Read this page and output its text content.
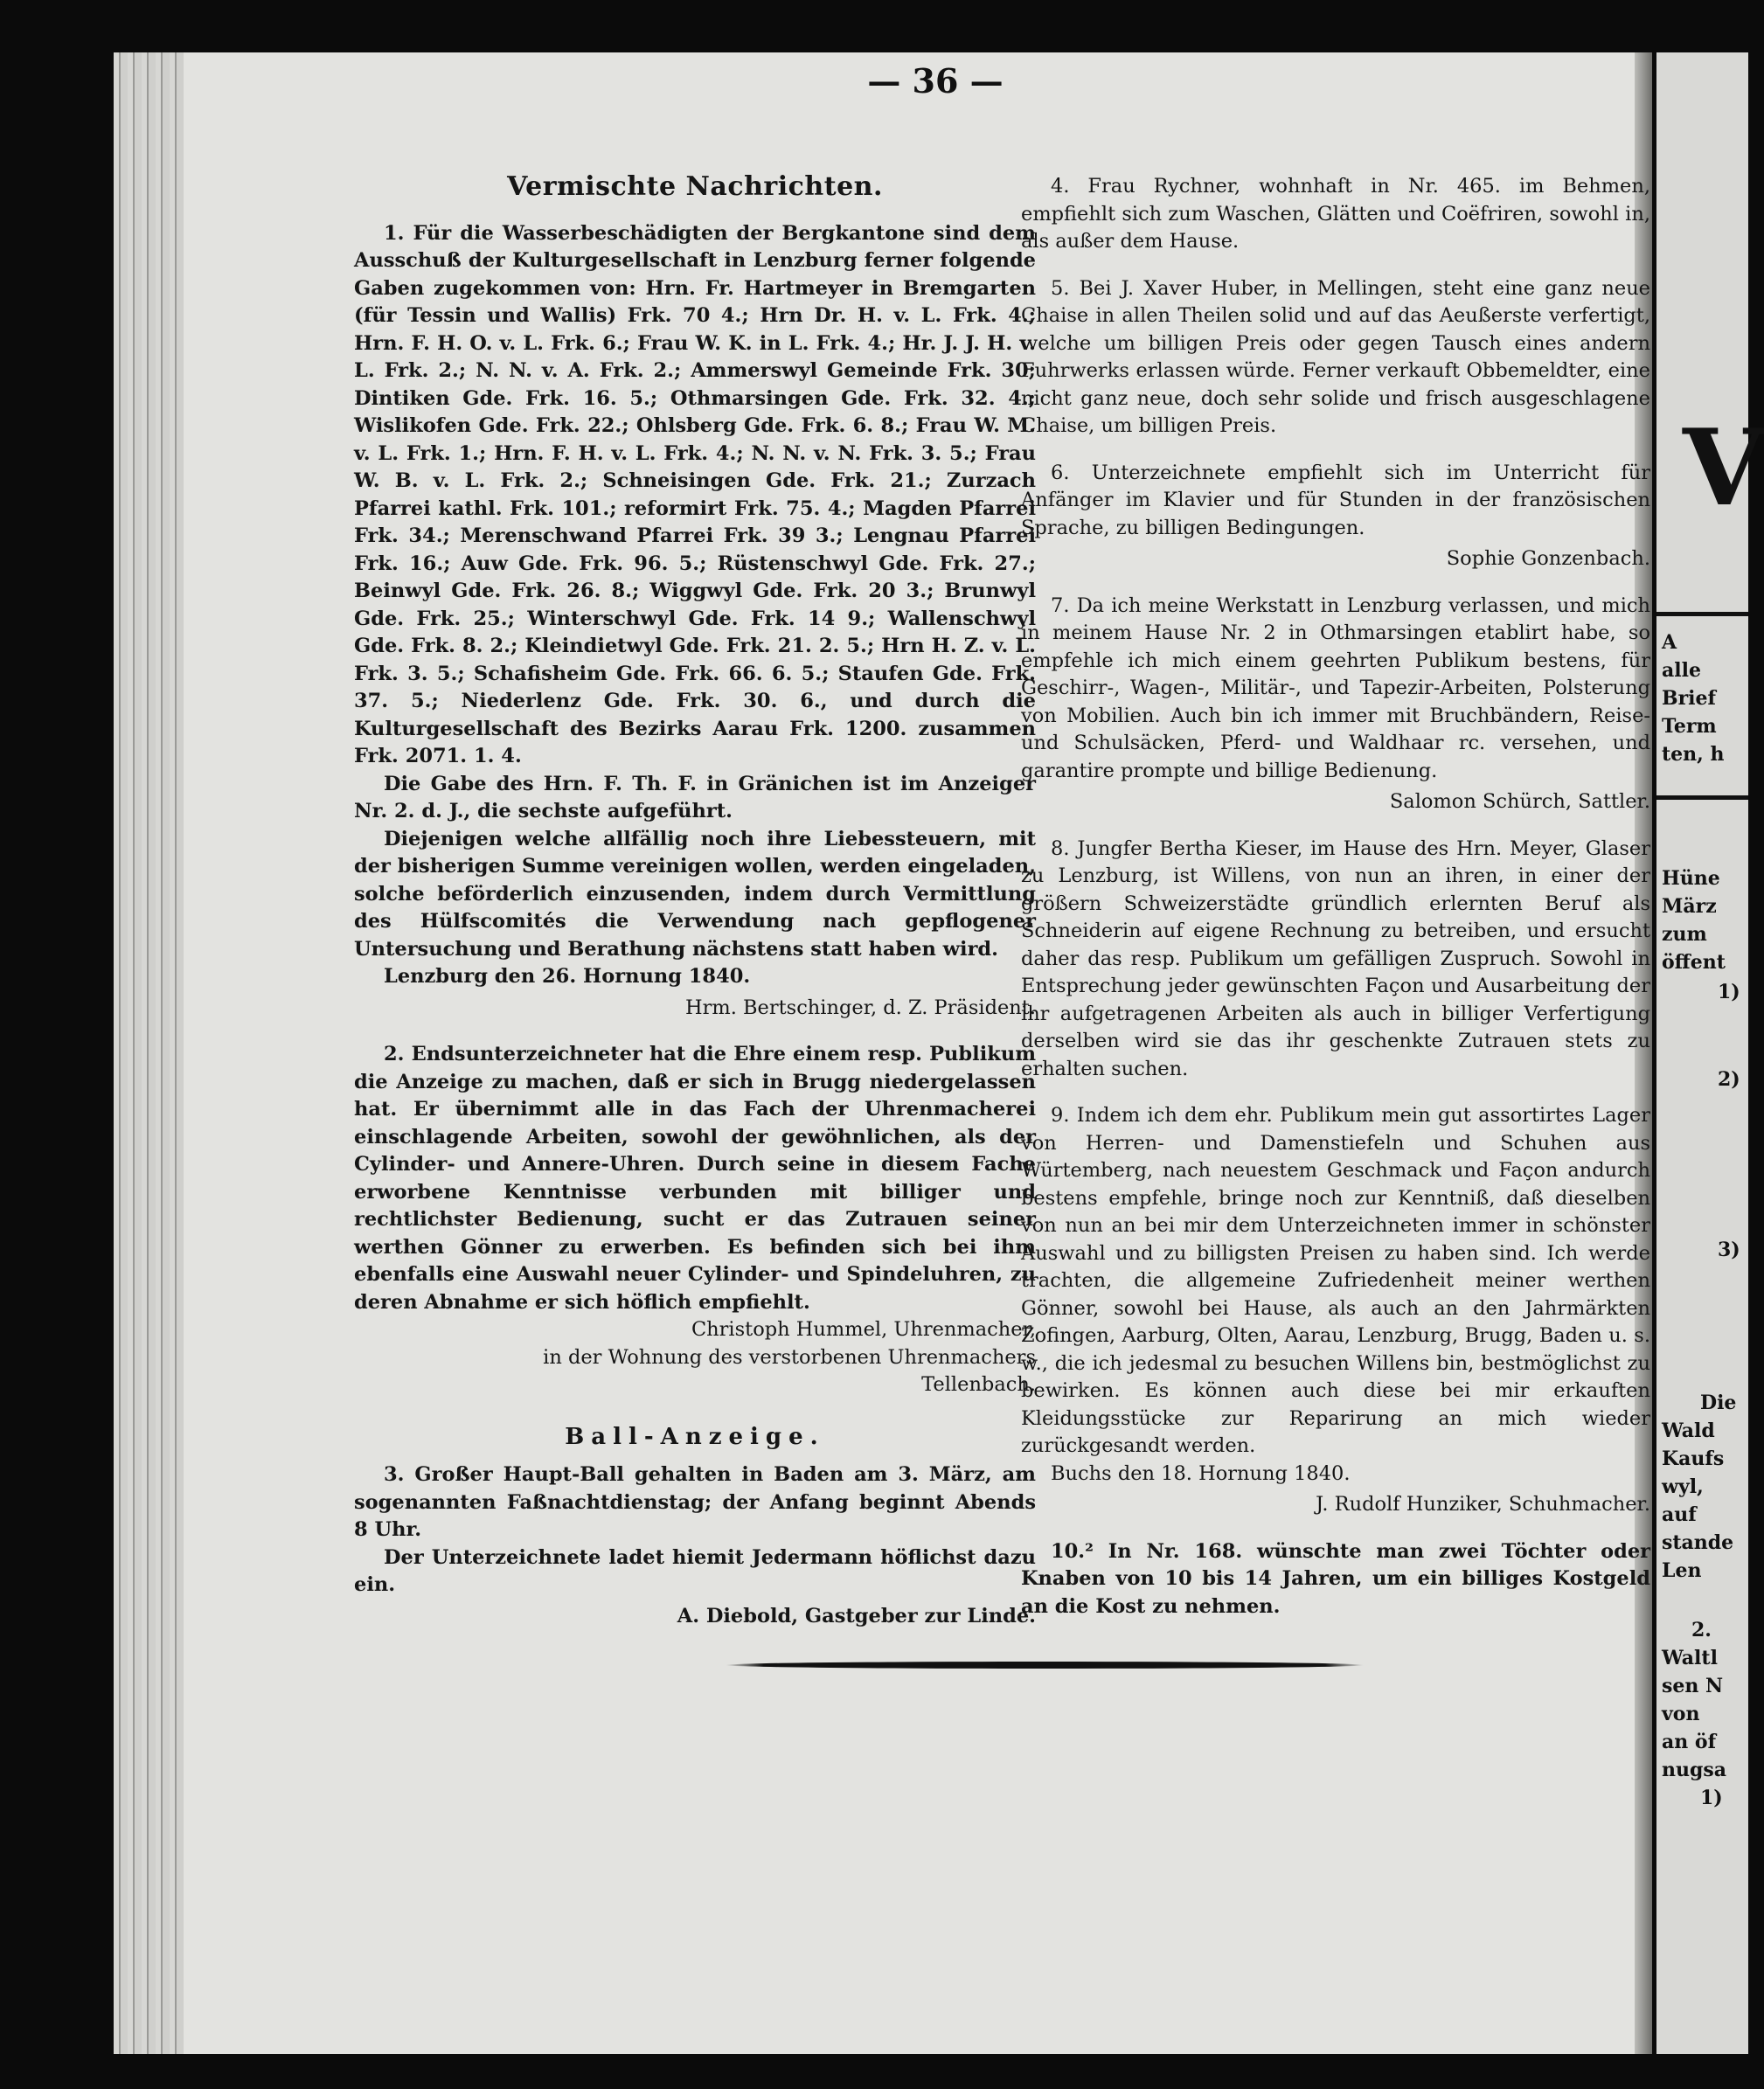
— 36 —
Vermischte Nachrichten.

1. Für die Wasserbeschädigten der Bergkantone sind dem Ausschuß der Kulturgesellschaft in Lenzburg ferner folgende Gaben zugekommen von: Hrn. Fr. Hartmeyer in Bremgarten (für Tessin und Wallis) Frk. 70 4.; Hrn Dr. H. v. L. Frk. 4.; Hrn. F. H. O. v. L. Frk. 6.; Frau W. K. in L. Frk. 4.; Hr. J. J. H. v. L. Frk. 2.; N. N. v. A. Frk. 2.; Ammerswyl Gemeinde Frk. 30; Dintiken Gde. Frk. 16. 5.; Othmarsingen Gde. Frk. 32. 4.; Wislikofen Gde. Frk. 22.; Ohlsberg Gde. Frk. 6. 8.; Frau W. M. v. L. Frk. 1.; Hrn. F. H. v. L. Frk. 4.; N. N. v. N. Frk. 3. 5.; Frau W. B. v. L. Frk. 2.; Schneisingen Gde. Frk. 21.; Zurzach Pfarrei kathl. Frk. 101.; reformirt Frk. 75. 4.; Magden Pfarrei Frk. 34.; Merenschwand Pfarrei Frk. 39 3.; Lengnau Pfarrei Frk. 16.; Auw Gde. Frk. 96. 5.; Rüstenschwyl Gde. Frk. 27.; Beinwyl Gde. Frk. 26. 8.; Wiggwyl Gde. Frk. 20 3.; Brunwyl Gde. Frk. 25.; Winterschwyl Gde. Frk. 14 9.; Wallenschwyl Gde. Frk. 8. 2.; Kleindietwyl Gde. Frk. 21. 2. 5.; Hrn H. Z. v. L. Frk. 3. 5.; Schafisheim Gde. Frk. 66. 6. 5.; Staufen Gde. Frk. 37. 5.; Niederlenz Gde. Frk. 30. 6., und durch die Kulturgesellschaft des Bezirks Aarau Frk. 1200. zusammen Frk. 2071. 1. 4.

Die Gabe des Hrn. F. Th. F. in Gränichen ist im Anzeiger Nr. 2. d. J., die sechste aufgeführt.

Diejenigen welche allfällig noch ihre Liebessteuern, mit der bisherigen Summe vereinigen wollen, werden eingeladen, solche beförderlich einzusenden, indem durch Vermittlung des Hülfscomités die Verwendung nach gepflogener Untersuchung und Berathung nächstens statt haben wird.

Lenzburg den 26. Hornung 1840.

Hrm. Bertschinger, d. Z. Präsident.

2. Endsunterzeichneter hat die Ehre einem resp. Publikum die Anzeige zu machen, daß er sich in Brugg niedergelassen hat. Er übernimmt alle in das Fach der Uhrenmacherei einschlagende Arbeiten, sowohl der gewöhnlichen, als der Cylinder- und Annere-Uhren. Durch seine in diesem Fache erworbene Kenntnisse verbunden mit billiger und rechtlichster Bedienung, sucht er das Zutrauen seiner werthen Gönner zu erwerben. Es befinden sich bei ihm ebenfalls eine Auswahl neuer Cylinder- und Spindeluhren, zu deren Abnahme er sich höflich empfiehlt.

Christoph Hummel, Uhrenmacher,

in der Wohnung des verstorbenen Uhrenmachers

Tellenbach.

Ball-Anzeige.

3. Großer Haupt-Ball gehalten in Baden am 3. März, am sogenannten Faßnachtdienstag; der Anfang beginnt Abends 8 Uhr.

Der Unterzeichnete ladet hiemit Jedermann höflichst dazu ein.

A. Diebold, Gastgeber zur Linde.

4. Frau Rychner, wohnhaft in Nr. 465. im Behmen, empfiehlt sich zum Waschen, Glätten und Coëfriren, sowohl in, als außer dem Hause.

5. Bei J. Xaver Huber, in Mellingen, steht eine ganz neue Chaise in allen Theilen solid und auf das Aeußerste verfertigt, welche um billigen Preis oder gegen Tausch eines andern Fuhrwerks erlassen würde. Ferner verkauft Obbemeldter, eine nicht ganz neue, doch sehr solide und frisch ausgeschlagene Chaise, um billigen Preis.

6. Unterzeichnete empfiehlt sich im Unterricht für Anfänger im Klavier und für Stunden in der französischen Sprache, zu billigen Bedingungen.

Sophie Gonzenbach.

7. Da ich meine Werkstatt in Lenzburg verlassen, und mich in meinem Hause Nr. 2 in Othmarsingen etablirt habe, so empfehle ich mich einem geehrten Publikum bestens, für Geschirr-, Wagen-, Militär-, und Tapezir-Arbeiten, Polsterung von Mobilien. Auch bin ich immer mit Bruchbändern, Reise- und Schulsäcken, Pferd- und Waldhaar rc. versehen, und garantire prompte und billige Bedienung.

Salomon Schürch, Sattler.

8. Jungfer Bertha Kieser, im Hause des Hrn. Meyer, Glaser zu Lenzburg, ist Willens, von nun an ihren, in einer der größern Schweizerstädte gründlich erlernten Beruf als Schneiderin auf eigene Rechnung zu betreiben, und ersucht daher das resp. Publikum um gefälligen Zuspruch. Sowohl in Entsprechung jeder gewünschten Façon und Ausarbeitung der ihr aufgetragenen Arbeiten als auch in billiger Verfertigung derselben wird sie das ihr geschenkte Zutrauen stets zu erhalten suchen.

9. Indem ich dem ehr. Publikum mein gut assortirtes Lager von Herren- und Damenstiefeln und Schuhen aus Würtemberg, nach neuestem Geschmack und Façon andurch bestens empfehle, bringe noch zur Kenntniß, daß dieselben von nun an bei mir dem Unterzeichneten immer in schönster Auswahl und zu billigsten Preisen zu haben sind. Ich werde trachten, die allgemeine Zufriedenheit meiner werthen Gönner, sowohl bei Hause, als auch an den Jahrmärkten Zofingen, Aarburg, Olten, Aarau, Lenzburg, Brugg, Baden u. s. w., die ich jedesmal zu besuchen Willens bin, bestmöglichst zu bewirken. Es können auch diese bei mir erkauften Kleidungsstücke zur Reparirung an mich wieder zurückgesandt werden.

Buchs den 18. Hornung 1840.

J. Rudolf Hunziker, Schuhmacher.

10.² In Nr. 168. wünschte man zwei Töchter oder Knaben von 10 bis 14 Jahren, um ein billiges Kostgeld an die Kost zu nehmen.

V
A
alle
Brief
Term
ten, h
Hüne
März
zum
öffent
1)
2)
3)
Die
Wald
Kaufs
wyl,
auf
stande
Len
2.
Waltl
sen N
von
an öf
nugsa
1)
